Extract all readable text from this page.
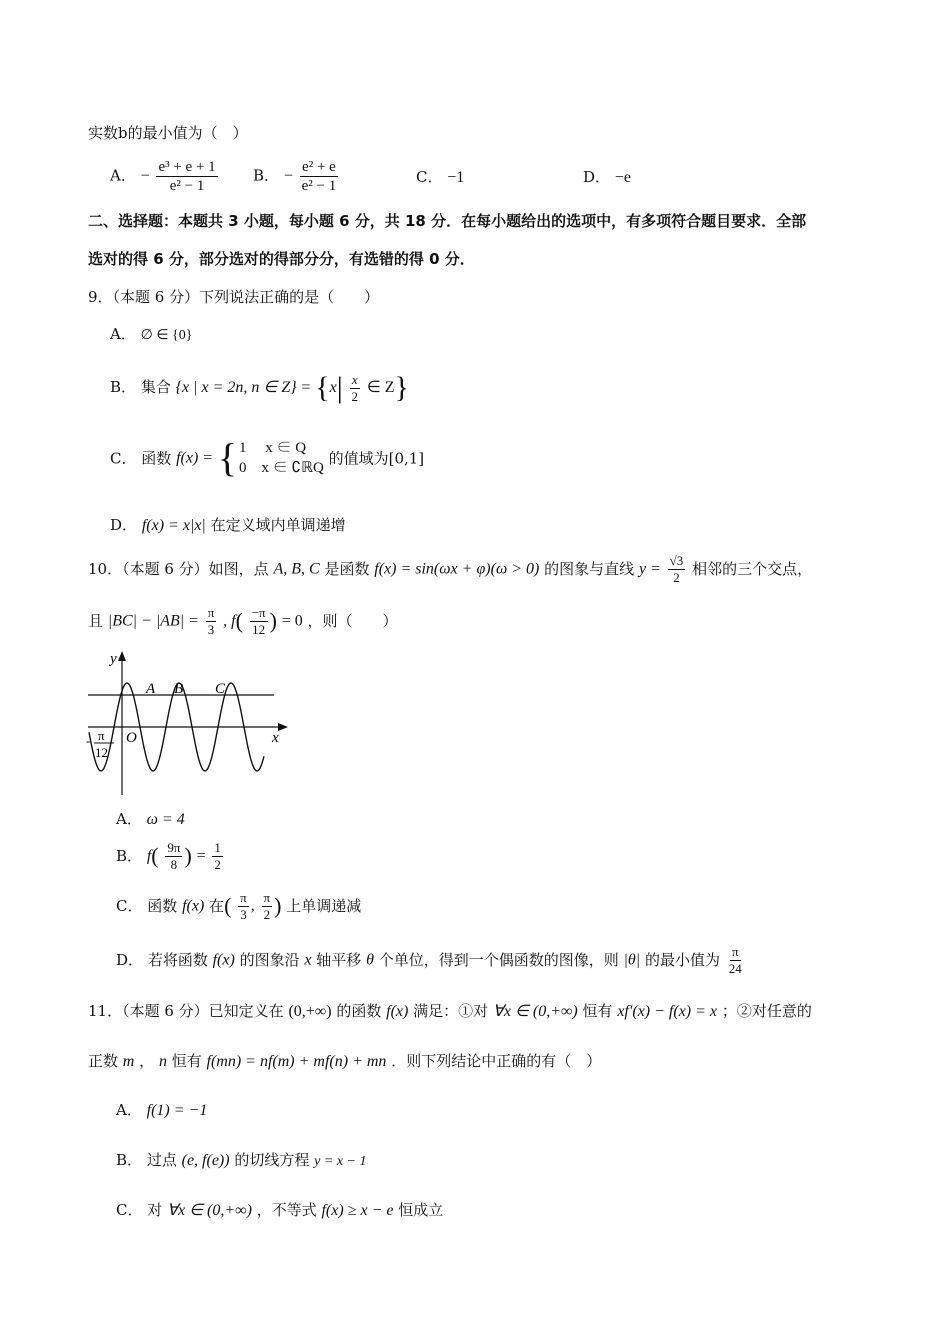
实数b的最小值为（　）
A． − $\frac{\text{e³ + e + 1}}{\text{e² − 1}}$ B． − $\frac{\text{e² + e}}{\text{e² − 1}}$	C． −1	D． −e
二、选择题：本题共 3 小题，每小题 6 分，共 18 分．在每小题给出的选项中，有多项符合题目要求．全部
选对的得 6 分，部分选对的得部分分，有选错的得 0 分．
9．（本题 6 分）下列说法正确的是（　　）
A． ∅ ∈ {0}
B． 集合 {x | x = 2n, n ∈ $Z\} = \{x| \frac{x}{2}$ ∈ Z}
C． 函数 f(x) = { 1　 x ∈ Q
0　x ∈ ∁ℝQ
的值域为[0,1]
D． f(x) = x|x| 在定义域内单调递增
10．（本题 6 分）如图，点 A, B, C 是函数 f(x) = sin(ωx + φ)(ω > 0) 的图象与直线 $y = \frac{√3}{2}$ 相邻的三个交点，
且 $|BC| - |AB| = \frac{\pi}{3}$ , $f( \frac{-\pi}{12}$ ) = 0 ，则（　　）
y
x
O
A B C
- π
12
A． ω = 4
B． $f( \frac{9\pi}{8}$ ) = $\frac{1}{2}$
C． 函数 f(x) 在( $\frac{\pi}{3}$ , $\frac{\pi}{2}$ ) 上单调递减
D． 若将函数 f(x) 的图象沿 x 轴平移 θ 个单位，得到一个偶函数的图像，则 |θ| 的最小值为 $\frac{\pi}{24}$
11．（本题 6 分）已知定义在 (0,+∞) 的函数 f(x) 满足：①对 ∀x ∈ (0,+∞) 恒有 xf′(x) − f(x) = x ；②对任意的
正数 m ， n 恒有 f(mn) = nf(m) + mf(n) + mn ．则下列结论中正确的有（　）
A． f(1) = −1
B． 过点 (e, f(e)) 的切线方程 y = x − 1
C． 对 ∀x ∈ (0,+∞) ，不等式 f(x) ≥ x − e 恒成立
